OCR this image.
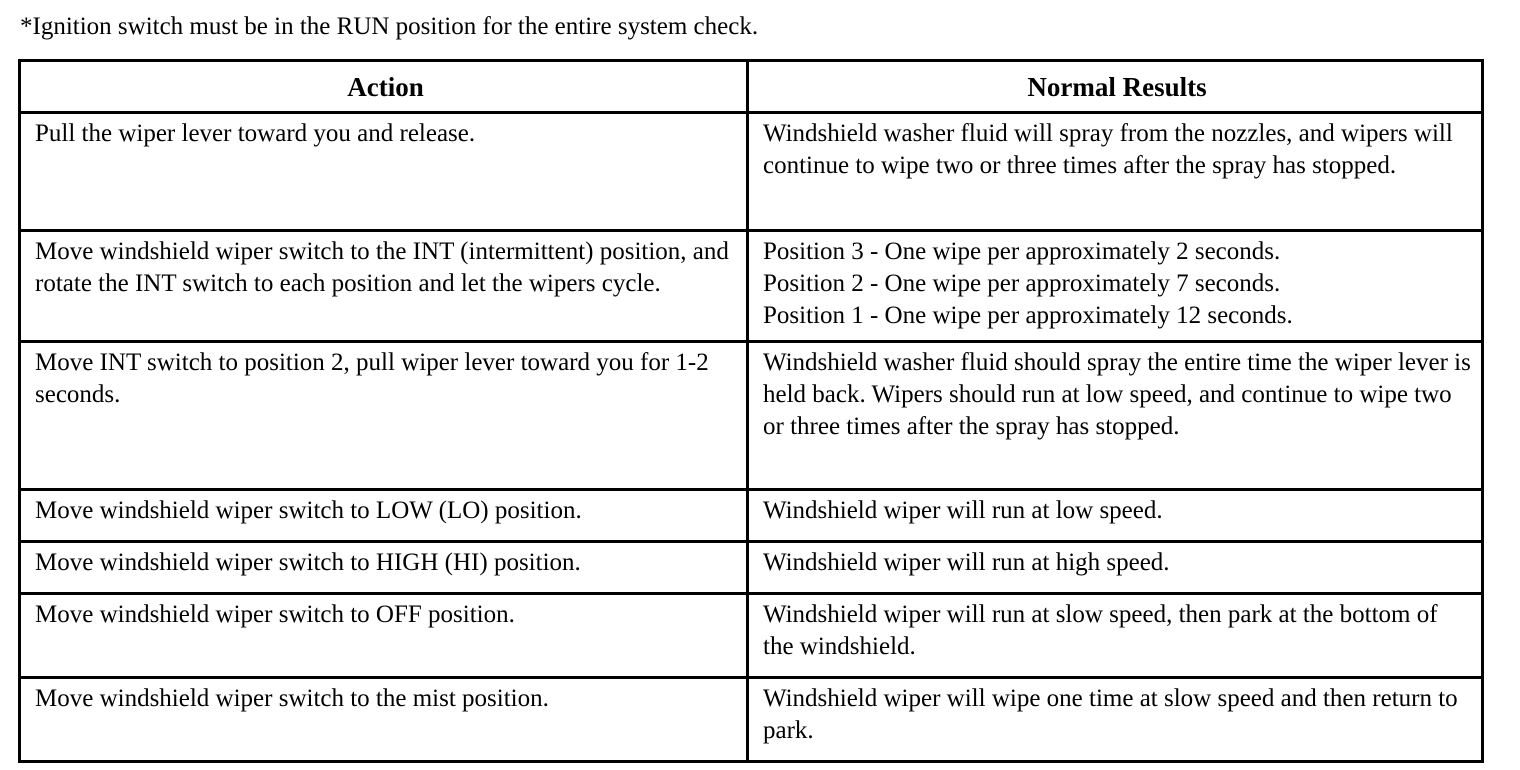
*Ignition switch must be in the RUN position for the entire system check.
Action	Normal Results
Pull the wiper lever toward you and release.	Windshield washer fluid will spray from the nozzles, and wipers will continue to wipe two or three times after the spray has stopped.
Move windshield wiper switch to the INT (intermittent) position, and rotate the INT switch to each position and let the wipers cycle.	Position 3 - One wipe per approximately 2 seconds.
Position 2 - One wipe per approximately 7 seconds.
Position 1 - One wipe per approximately 12 seconds.

Move INT switch to position 2, pull wiper lever toward you for 1-2 seconds.	Windshield washer fluid should spray the entire time the wiper lever is held back. Wipers should run at low speed, and continue to wipe two or three times after the spray has stopped.
Move windshield wiper switch to LOW (LO) position.	Windshield wiper will run at low speed.
Move windshield wiper switch to HIGH (HI) position.	Windshield wiper will run at high speed.
Move windshield wiper switch to OFF position.	Windshield wiper will run at slow speed, then park at the bottom of the windshield.
Move windshield wiper switch to the mist position.	Windshield wiper will wipe one time at slow speed and then return to park.
